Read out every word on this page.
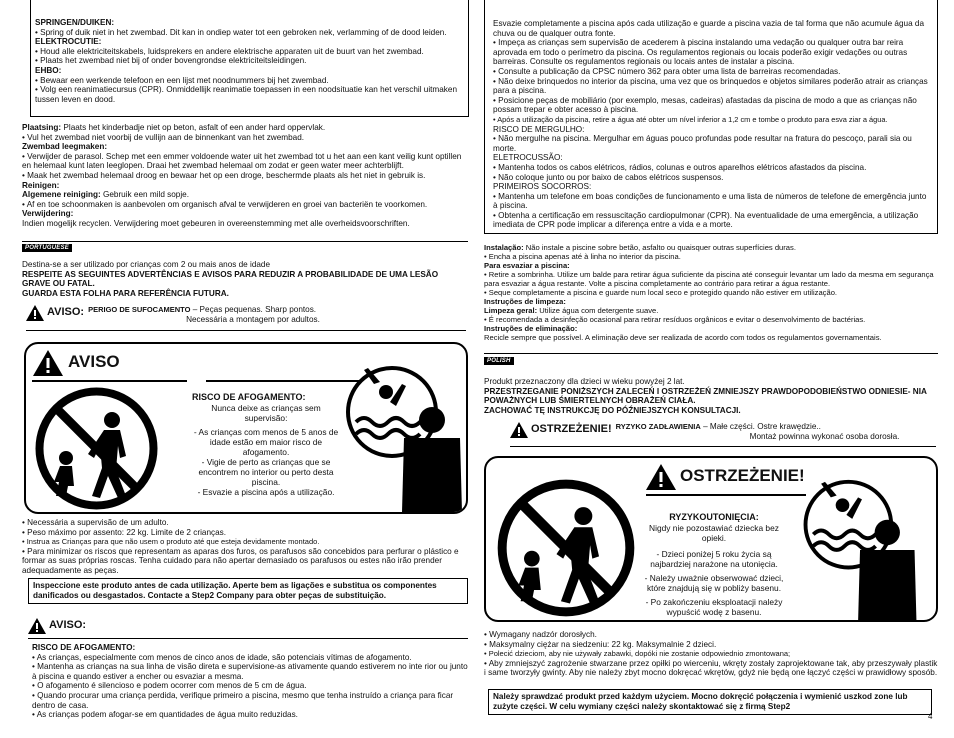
SPRINGEN/DUIKEN:

• Spring of duik niet in het zwembad. Dit kan in ondiep water tot een gebroken nek, verlamming of de dood leiden.

ELEKTROCUTIE:

• Houd alle elektriciteitskabels, luidsprekers en andere elektrische apparaten uit de buurt van het zwembad.

• Plaats het zwembad niet bij of onder bovengrondse elektriciteitsleidingen.

EHBO:

• Bewaar een werkende telefoon en een lijst met noodnummers bij het zwembad.

• Volg een reanimatiecursus (CPR). Onmiddellijk reanimatie toepassen in een noodsituatie kan het verschil uitmaken tussen leven en dood.

Plaatsing: Plaats het kinderbadje niet op beton, asfalt of een ander hard oppervlak.

• Vul het zwembad niet voorbij de vullijn aan de binnenkant van het zwembad.

Zwembad leegmaken:

• Verwijder de parasol. Schep met een emmer voldoende water uit het zwembad tot u het aan een kant veilig kunt optillen en helemaal kunt laten leeglopen. Draai het zwembad helemaal om zodat er geen water meer achterblijft.

• Maak het zwembad helemaal droog en bewaar het op een droge, beschermde plaats als het niet in gebruik is.

Reinigen:

Algemene reiniging: Gebruik een mild sopje.

• Af en toe schoonmaken is aanbevolen om organisch afval te verwijderen en groei van bacteriën te voorkomen.

Verwijdering:

Indien mogelijk recyclen. Verwijdering moet gebeuren in overeenstemming met alle overheidsvoorschriften.

PORTUGUESE

Destina-se a ser utilizado por crianças com 2 ou mais anos de idade

RESPEITE AS SEGUINTES ADVERTÊNCIAS E AVISOS PARA REDUZIR A PROBABILIDADE DE UMA LESÃO GRAVE OU FATAL.

GUARDA ESTA FOLHA PARA REFERÊNCIA FUTURA.

AVISO: PERIGO DE SUFOCAMENTO – Peças pequenas. Sharp pontos.

Necessária a montagem por adultos.

AVISO

RISCO DE AFOGAMENTO:

Nunca deixe as crianças sem supervisão:

- As crianças com menos de 5 anos de idade estão em maior risco de afogamento.

- Vigie de perto as crianças que se encontrem no interior ou perto desta piscina.

- Esvazie a piscina após a utilização.

• Necessária a supervisão de um adulto.

• Peso máximo por assento: 22 kg. Limite de 2 crianças.

• Instrua as Crianças para que não usem o produto até que esteja devidamente montado.

• Para minimizar os riscos que representam as aparas dos furos, os parafusos são concebidos para perfurar o plástico e formar as suas próprias roscas. Tenha cuidado para não apertar demasiado os parafusos ou estes não irão prender adequadamente as peças.

Inspeccione este produto antes de cada utilização. Aperte bem as ligações e substitua os componentes danificados ou desgastados. Contacte a Step2 Company para obter peças de substituição.

AVISO:

RISCO DE AFOGAMENTO:

• As crianças, especialmente com menos de cinco anos de idade, são potenciais vítimas de afogamento.

• Mantenha as crianças na sua linha de visão direta e supervisione-as ativamente quando estiverem no inte rior ou junto à piscina e quando estiver a encher ou esvaziar a mesma.

• O afogamento é silencioso e podem ocorrer com menos de 5 cm de água.

• Quando procurar uma criança perdida, verifique primeiro a piscina, mesmo que tenha instruído a criança para ficar dentro de casa.

• As crianças podem afogar-se em quantidades de água muito reduzidas.

Esvazie completamente a piscina após cada utilização e guarde a piscina vazia de tal forma que não acumule água da chuva ou de qualquer outra fonte.

• Impeça as crianças sem supervisão de acederem à piscina instalando uma vedação ou qualquer outra bar reira aprovada em todo o perímetro da piscina. Os regulamentos regionais ou locais poderão exigir vedações ou outras barreiras. Consulte os regulamentos regionais ou locais antes de instalar a piscina.

• Consulte a publicação da CPSC número 362 para obter uma lista de barreiras recomendadas.

• Não deixe brinquedos no interior da piscina, uma vez que os brinquedos e objetos similares poderão atrair as crianças para a piscina.

• Posicione peças de mobiliário (por exemplo, mesas, cadeiras) afastadas da piscina de modo a que as crianças não possam trepar e obter acesso à piscina.

• Após a utilização da piscina, retire a água até obter um nível inferior a 1,2 cm e tombe o produto para esva ziar a água.

RISCO DE MERGULHO:

• Não mergulhe na piscina. Mergulhar em águas pouco profundas pode resultar na fratura do pescoço, parali sia ou morte.

ELETROCUSSÃO:

• Mantenha todos os cabos elétricos, rádios, colunas e outros aparelhos elétricos afastados da piscina.

• Não coloque junto ou por baixo de cabos elétricos suspensos.

PRIMEIROS SOCORROS:

• Mantenha um telefone em boas condições de funcionamento e uma lista de números de telefone de emergência junto à piscina.

• Obtenha a certificação em ressuscitação cardiopulmonar (CPR). Na eventualidade de uma emergência, a utilização imediata de CPR pode implicar a diferença entre a vida e a morte.

Instalação: Não instale a piscine sobre betão, asfalto ou quaisquer outras superfícies duras.

• Encha a piscina apenas até à linha no interior da piscina.

Para esvaziar a piscina:

• Retire a sombrinha. Utilize um balde para retirar água suficiente da piscina até conseguir levantar um lado da mesma em segurança para esvaziar a água restante. Volte a piscina completamente ao contrário para retirar a água restante.

• Seque completamente a piscina e guarde num local seco e protegido quando não estiver em utilização.

Instruções de limpeza:

Limpeza geral: Utilize água com detergente suave.

• É recomendada a desinfeção ocasional para retirar resíduos orgânicos e evitar o desenvolvimento de bactérias.

Instruções de eliminação:

Recicle sempre que possível. A eliminação deve ser realizada de acordo com todos os regulamentos governamentais.

POLISH

Produkt przeznaczony dla dzieci w wieku powyżej 2 lat.

PRZESTRZEGANIE PONIŻSZYCH ZALECEŃ I OSTRZEŻEŃ ZMNIEJSZY PRAWDOPODOBIEŃSTWO ODNIESIE- NIA POWAŻNYCH LUB ŚMIERTELNYCH OBRAŻEŃ CIAŁA.

ZACHOWAĆ TĘ INSTRUKCJĘ DO PÓŹNIEJSZYCH KONSULTACJI.

OSTRZEŻENIE! RYZYKO ZADŁAWIENIA – Małe części. Ostre krawędzie..

Montaż powinna wykonać osoba dorosła.

OSTRZEŻENIE!

RYZYKOUTONIĘCIA:

Nigdy nie pozostawiać dziecka bez opieki.

- Dzieci poniżej 5 roku życia są najbardziej narażone na utonięcia.

- Należy uważnie obserwować dzieci, które znajdują się w pobliży basenu.

- Po zakończeniu eksploatacji należy wypuścić wodę z basenu.

• Wymagany nadzór dorosłych.

• Maksymalny ciężar na siedzeniu: 22 kg. Maksymalnie 2 dzieci.

• Polecić dzieciom, aby nie używały zabawki, dopóki nie zostanie odpowiednio zmontowana;

• Aby zmniejszyć zagrożenie stwarzane przez opiłki po wierceniu, wkręty zostały zaprojektowane tak, aby przeszywały plastik i same tworzyły gwinty. Aby nie należy zbyt mocno dokręcać wkrętów, gdyż nie będą one łączyć części w prawidłowy sposób.

Należy sprawdzać produkt przed każdym użyciem. Mocno dokręcić połączenia i wymienić uszkod zone lub zużyte części. W celu wymiany części należy skontaktować się z firmą Step2

4
